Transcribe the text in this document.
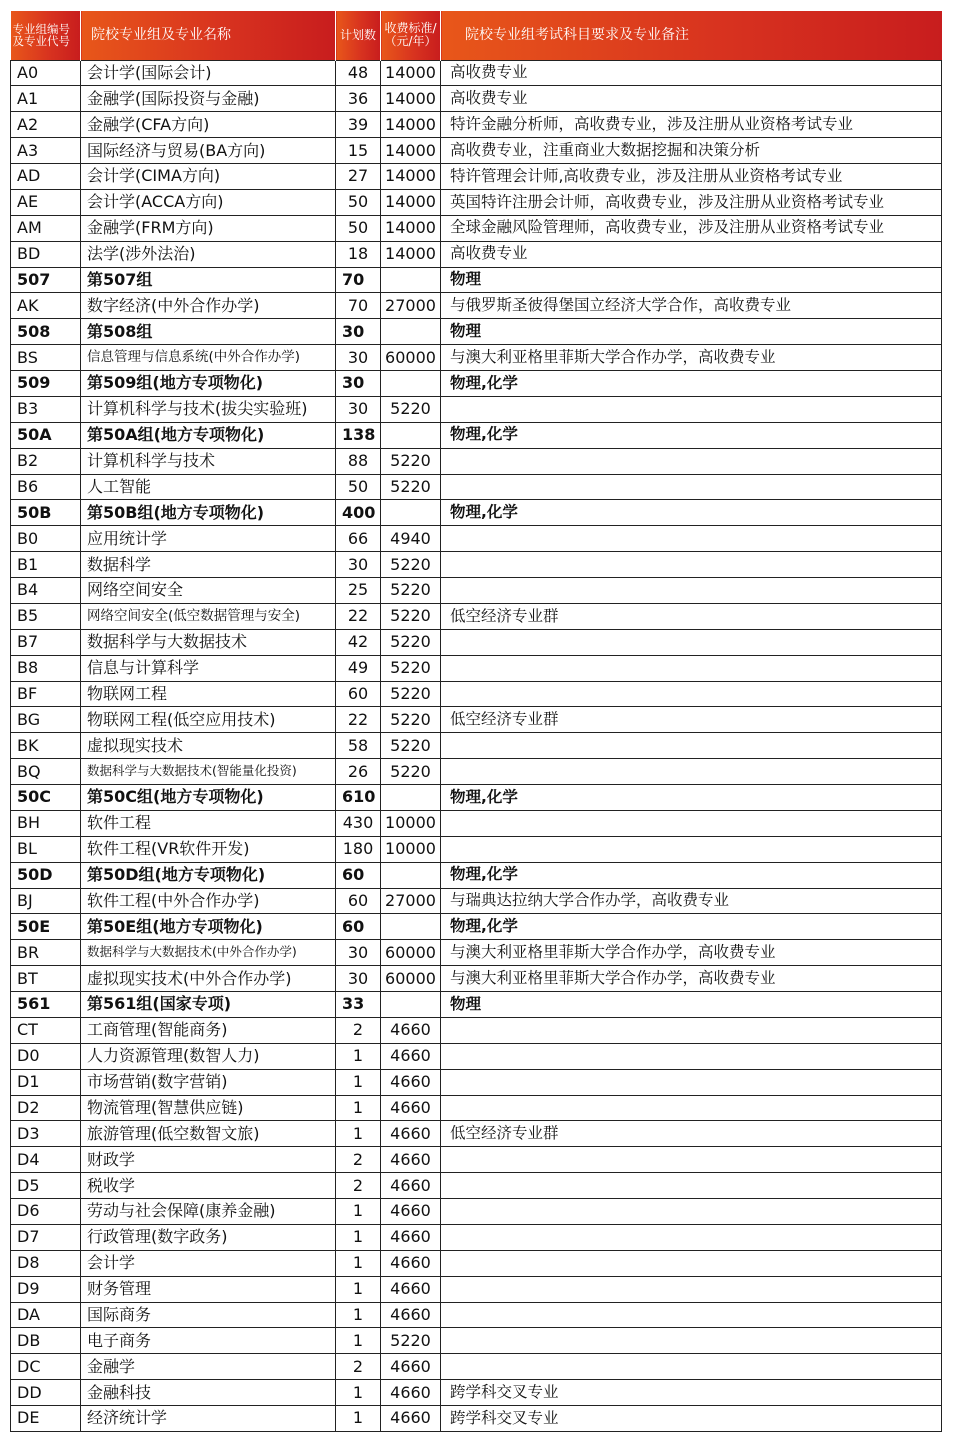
专业组编号及专业代号	院校专业组及专业名称	计划数	收费标准/（元/年）	院校专业组考试科目要求及专业备注
A0	会计学(国际会计)	48	14000	高收费专业
A1	金融学(国际投资与金融)	36	14000	高收费专业
A2	金融学(CFA方向)	39	14000	特许金融分析师，高收费专业，涉及注册从业资格考试专业
A3	国际经济与贸易(BA方向)	15	14000	高收费专业，注重商业大数据挖掘和决策分析
AD	会计学(CIMA方向)	27	14000	特许管理会计师,高收费专业，涉及注册从业资格考试专业
AE	会计学(ACCA方向)	50	14000	英国特许注册会计师，高收费专业，涉及注册从业资格考试专业
AM	金融学(FRM方向)	50	14000	全球金融风险管理师，高收费专业，涉及注册从业资格考试专业
BD	法学(涉外法治)	18	14000	高收费专业
507	第507组	70		物理
AK	数字经济(中外合作办学)	70	27000	与俄罗斯圣彼得堡国立经济大学合作，高收费专业
508	第508组	30		物理
BS	信息管理与信息系统(中外合作办学)	30	60000	与澳大利亚格里菲斯大学合作办学，高收费专业
509	第509组(地方专项物化)	30		物理,化学
B3	计算机科学与技术(拔尖实验班)	30	5220	
50A	第50A组(地方专项物化)	138		物理,化学
B2	计算机科学与技术	88	5220	
B6	人工智能	50	5220	
50B	第50B组(地方专项物化)	400		物理,化学
B0	应用统计学	66	4940	
B1	数据科学	30	5220	
B4	网络空间安全	25	5220	
B5	网络空间安全(低空数据管理与安全)	22	5220	低空经济专业群
B7	数据科学与大数据技术	42	5220	
B8	信息与计算科学	49	5220	
BF	物联网工程	60	5220	
BG	物联网工程(低空应用技术)	22	5220	低空经济专业群
BK	虚拟现实技术	58	5220	
BQ	数据科学与大数据技术(智能量化投资)	26	5220	
50C	第50C组(地方专项物化)	610		物理,化学
BH	软件工程	430	10000	
BL	软件工程(VR软件开发)	180	10000	
50D	第50D组(地方专项物化)	60		物理,化学
BJ	软件工程(中外合作办学)	60	27000	与瑞典达拉纳大学合作办学，高收费专业
50E	第50E组(地方专项物化)	60		物理,化学
BR	数据科学与大数据技术(中外合作办学)	30	60000	与澳大利亚格里菲斯大学合作办学，高收费专业
BT	虚拟现实技术(中外合作办学)	30	60000	与澳大利亚格里菲斯大学合作办学，高收费专业
561	第561组(国家专项)	33		物理
CT	工商管理(智能商务)	2	4660	
D0	人力资源管理(数智人力)	1	4660	
D1	市场营销(数字营销)	1	4660	
D2	物流管理(智慧供应链)	1	4660	
D3	旅游管理(低空数智文旅)	1	4660	低空经济专业群
D4	财政学	2	4660	
D5	税收学	2	4660	
D6	劳动与社会保障(康养金融)	1	4660	
D7	行政管理(数字政务)	1	4660	
D8	会计学	1	4660	
D9	财务管理	1	4660	
DA	国际商务	1	4660	
DB	电子商务	1	5220	
DC	金融学	2	4660	
DD	金融科技	1	4660	跨学科交叉专业
DE	经济统计学	1	4660	跨学科交叉专业
